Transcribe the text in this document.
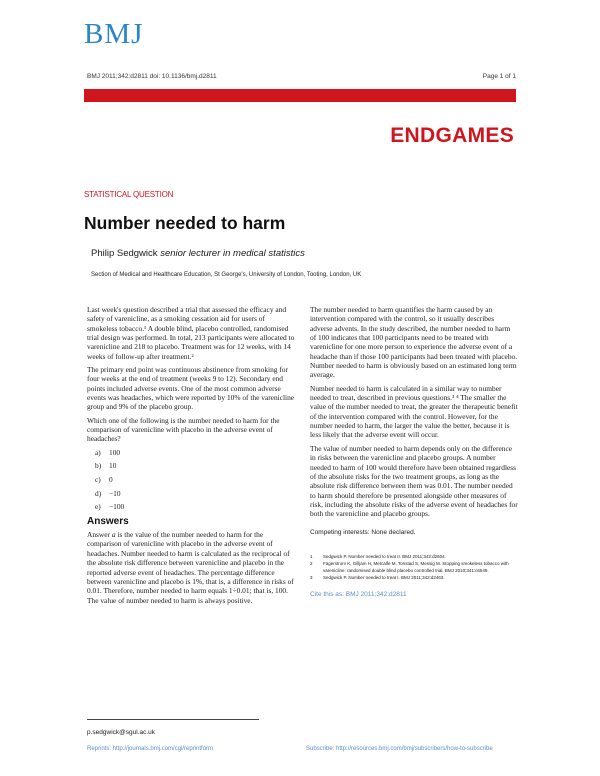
BMJ
BMJ 2011;342:d2811 doi: 10.1136/bmj.d2811	Page 1 of 1
ENDGAMES
STATISTICAL QUESTION
Number needed to harm
Philip Sedgwick senior lecturer in medical statistics
Section of Medical and Healthcare Education, St George's, University of London, Tooting, London, UK

Last week's question described a trial that assessed the efficacy and safety of varenicline, as a smoking cessation aid for users of smokeless tobacco.¹ A double blind, placebo controlled, randomised trial design was performed. In total, 213 participants were allocated to varenicline and 218 to placebo. Treatment was for 12 weeks, with 14 weeks of follow-up after treatment.²

The primary end point was continuous abstinence from smoking for four weeks at the end of treatment (weeks 9 to 12). Secondary end points included adverse events. One of the most common adverse events was headaches, which were reported by 10% of the varenicline group and 9% of the placebo group.

Which one of the following is the number needed to harm for the comparison of varenicline with placebo in the adverse event of headaches?

a) 100
b) 10
c) 0
d) −10
e) −100
Answers

Answer a is the value of the number needed to harm for the comparison of varenicline with placebo in the adverse event of headaches. Number needed to harm is calculated as the reciprocal of the absolute risk difference between varenicline and placebo in the reported adverse event of headaches. The percentage difference between varenicline and placebo is 1%, that is, a difference in risks of 0.01. Therefore, number needed to harm equals 1÷0.01; that is, 100. The value of number needed to harm is always positive.

The number needed to harm quantifies the harm caused by an intervention compared with the control, so it usually describes adverse advents. In the study described, the number needed to harm of 100 indicates that 100 participants need to be treated with varenicline for one more person to experience the adverse event of a headache than if those 100 participants had been treated with placebo. Number needed to harm is obviously based on an estimated long term average.

Number needed to harm is calculated in a similar way to number needed to treat, described in previous questions.³ ⁴ The smaller the value of the number needed to treat, the greater the therapeutic benefit of the intervention compared with the control. However, for the number needed to harm, the larger the value the better, because it is less likely that the adverse event will occur.

The value of number needed to harm depends only on the difference in risks between the varenicline and placebo groups. A number needed to harm of 100 would therefore have been obtained regardless of the absolute risks for the two treatment groups, as long as the absolute risk difference between them was 0.01. The number needed to harm should therefore be presented alongside other measures of risk, including the absolute risks of the adverse event of headaches for both the varenicline and placebo groups.

Competing interests: None declared.
1	Sedgwick P. Number needed to treat II. BMJ 2011;342:d2604.
2	Fagerstrom K, Gilljam H, Metcalfe M, Tonstad S, Messig M. Stopping smokeless tobacco with varenicline: randomised double blind placebo controlled trial. BMJ 2010;341:c6549.
3	Sedgwick P. Number needed to treat I. BMJ 2011;342:d2463.
Cite this as: BMJ 2011;342:d2811
p.sedgwick@sgul.ac.uk
Reprints: http://journals.bmj.com/cgi/reprintform	Subscribe: http://resources.bmj.com/bmj/subscribers/how-to-subscribe
